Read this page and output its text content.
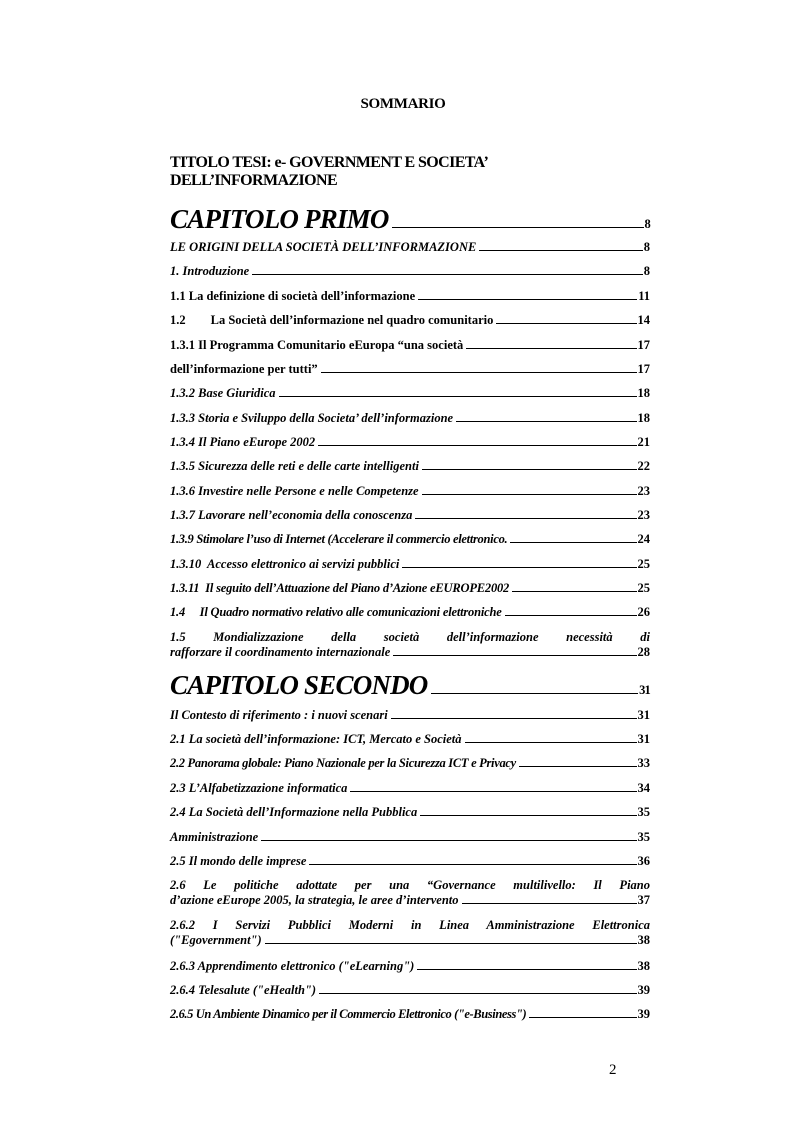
SOMMARIO
TITOLO TESI: e- GOVERNMENT E SOCIETA’ DELL’INFORMAZIONE
CAPITOLO PRIMO	8
LE ORIGINI DELLA SOCIETÀ DELL’INFORMAZIONE	8
1. Introduzione	8
1.1 La definizione di società dell’informazione	11
1.2        La Società dell’informazione nel quadro comunitario	14
1.3.1 Il Programma Comunitario eEuropa “una società	17
dell’informazione per tutti”	17
1.3.2 Base Giuridica	18
1.3.3 Storia e Sviluppo della Societa’ dell’informazione	18
1.3.4 Il Piano eEurope 2002	21
1.3.5 Sicurezza delle reti e delle carte intelligenti	22
1.3.6 Investire nelle Persone e nelle Competenze	23
1.3.7 Lavorare nell’economia della conoscenza	23
1.3.9 Stimolare l’uso di Internet (Accelerare il commercio elettronico.	24
1.3.10  Accesso elettronico ai servizi pubblici	25
1.3.11  Il seguito dell’Attuazione del Piano d’Azione eEUROPE2002	25
1.4     Il Quadro normativo relativo alle comunicazioni elettroniche	26
1.5  Mondializzazione  della  società  dell’informazione  necessità  di
rafforzare il coordinamento internazionale	28
CAPITOLO SECONDO	31
Il Contesto di riferimento : i nuovi scenari	31
2.1 La società dell’informazione: ICT, Mercato e Società	31
2.2 Panorama globale: Piano Nazionale per la Sicurezza ICT e Privacy	33
2.3 L’Alfabetizzazione informatica	34
2.4 La Società dell’Informazione nella Pubblica	35
Amministrazione	35
2.5 Il mondo delle imprese	36
2.6  Le  politiche  adottate  per  una  “Governance  multilivello:  Il  Piano
d’azione eEurope 2005, la strategia, le aree d’intervento	37
2.6.2  I  Servizi  Pubblici  Moderni  in  Linea  Amministrazione  Elettronica
("Egovernment")	38
2.6.3 Apprendimento elettronico ("eLearning")	38
2.6.4 Telesalute ("eHealth")	39
2.6.5 Un Ambiente Dinamico per il Commercio Elettronico ("e-Business")	39
2
